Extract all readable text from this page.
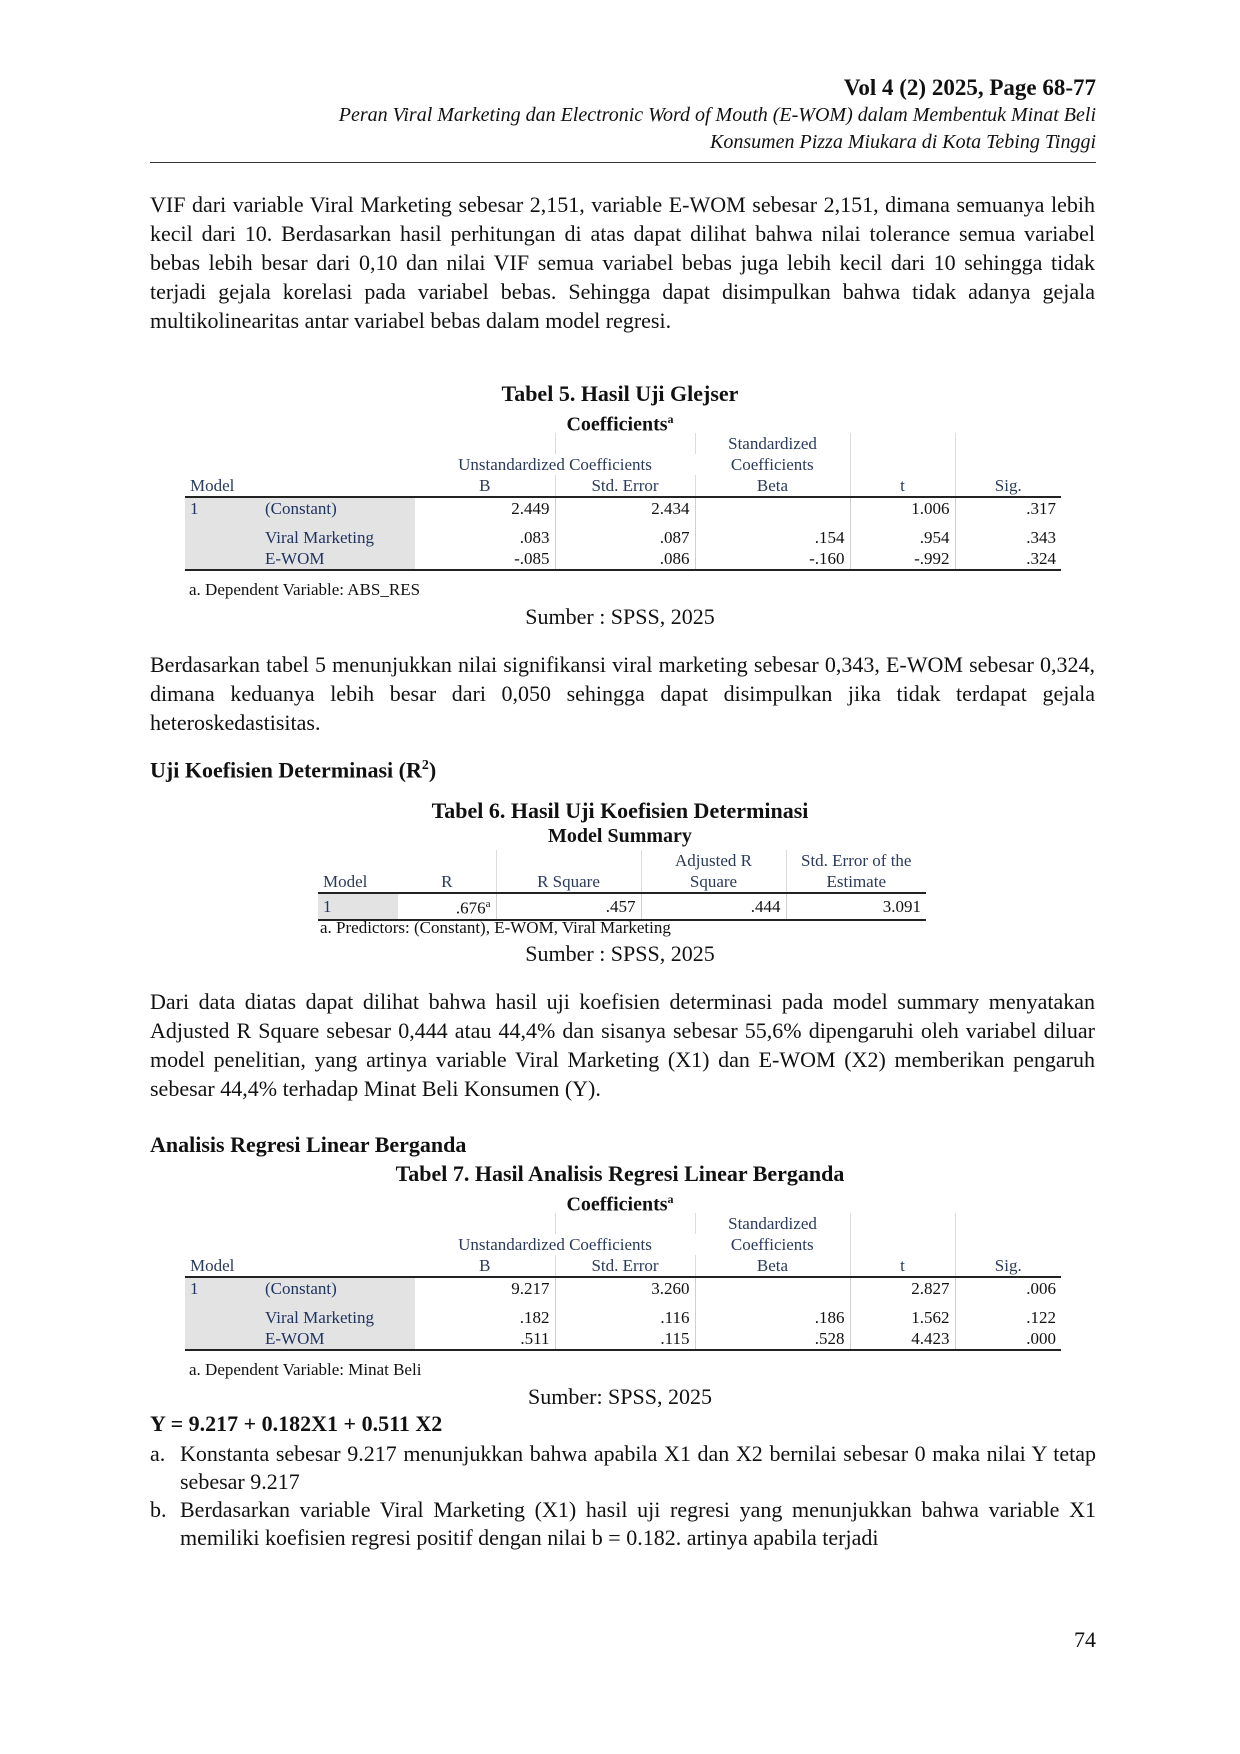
Vol 4 (2) 2025, Page 68-77
Peran Viral Marketing dan Electronic Word of Mouth (E-WOM) dalam Membentuk Minat Beli
Konsumen Pizza Miukara di Kota Tebing Tinggi
VIF dari variable Viral Marketing sebesar 2,151, variable E-WOM sebesar 2,151, dimana semuanya lebih kecil dari 10. Berdasarkan hasil perhitungan di atas dapat dilihat bahwa nilai tolerance semua variabel bebas lebih besar dari 0,10 dan nilai VIF semua variabel bebas juga lebih kecil dari 10 sehingga tidak terjadi gejala korelasi pada variabel bebas. Sehingga dapat disimpulkan bahwa tidak adanya gejala multikolinearitas antar variabel bebas dalam model regresi.
Tabel 5. Hasil Uji Glejser
Coefficients$^a$
				Standardized		
		Unstandardized Coefficients		Coefficients		
Model		B	Std. Error	Beta	t	Sig.
1	(Constant)	2.449	2.434		1.006	.317

	Viral Marketing	.083	.087	.154	.954	.343
	E-WOM	-.085	.086	-.160	-.992	.324
a. Dependent Variable: ABS_RES
Sumber : SPSS, 2025
Berdasarkan tabel 5 menunjukkan nilai signifikansi viral marketing sebesar 0,343, E-WOM sebesar 0,324, dimana keduanya lebih besar dari 0,050 sehingga dapat disimpulkan jika tidak terdapat gejala heteroskedastisitas.
Uji Koefisien Determinasi $(R^2)$
Tabel 6. Hasil Uji Koefisien Determinasi
Model Summary
			Adjusted R	Std. Error of the
Model	R	R Square	Square	Estimate
1	.676$^a$	.457	.444	3.091
a. Predictors: (Constant), E-WOM, Viral Marketing
Sumber : SPSS, 2025
Dari data diatas dapat dilihat bahwa hasil uji koefisien determinasi pada model summary menyatakan Adjusted R Square sebesar 0,444 atau 44,4% dan sisanya sebesar 55,6% dipengaruhi oleh variabel diluar model penelitian, yang artinya variable Viral Marketing (X1) dan E-WOM (X2) memberikan pengaruh sebesar 44,4% terhadap Minat Beli Konsumen (Y).
Analisis Regresi Linear Berganda
Tabel 7. Hasil Analisis Regresi Linear Berganda
Coefficients$^a$
				Standardized		
		Unstandardized Coefficients		Coefficients		
Model		B	Std. Error	Beta	t	Sig.
1	(Constant)	9.217	3.260		2.827	.006

	Viral Marketing	.182	.116	.186	1.562	.122
	E-WOM	.511	.115	.528	4.423	.000
a. Dependent Variable: Minat Beli
Sumber: SPSS, 2025
Y = 9.217 + 0.182X1 + 0.511 X2
a. Konstanta sebesar 9.217 menunjukkan bahwa apabila X1 dan X2 bernilai sebesar 0 maka nilai Y tetap sebesar 9.217
b. Berdasarkan variable Viral Marketing (X1) hasil uji regresi yang menunjukkan bahwa variable X1 memiliki koefisien regresi positif dengan nilai b = 0.182. artinya apabila terjadi
74
